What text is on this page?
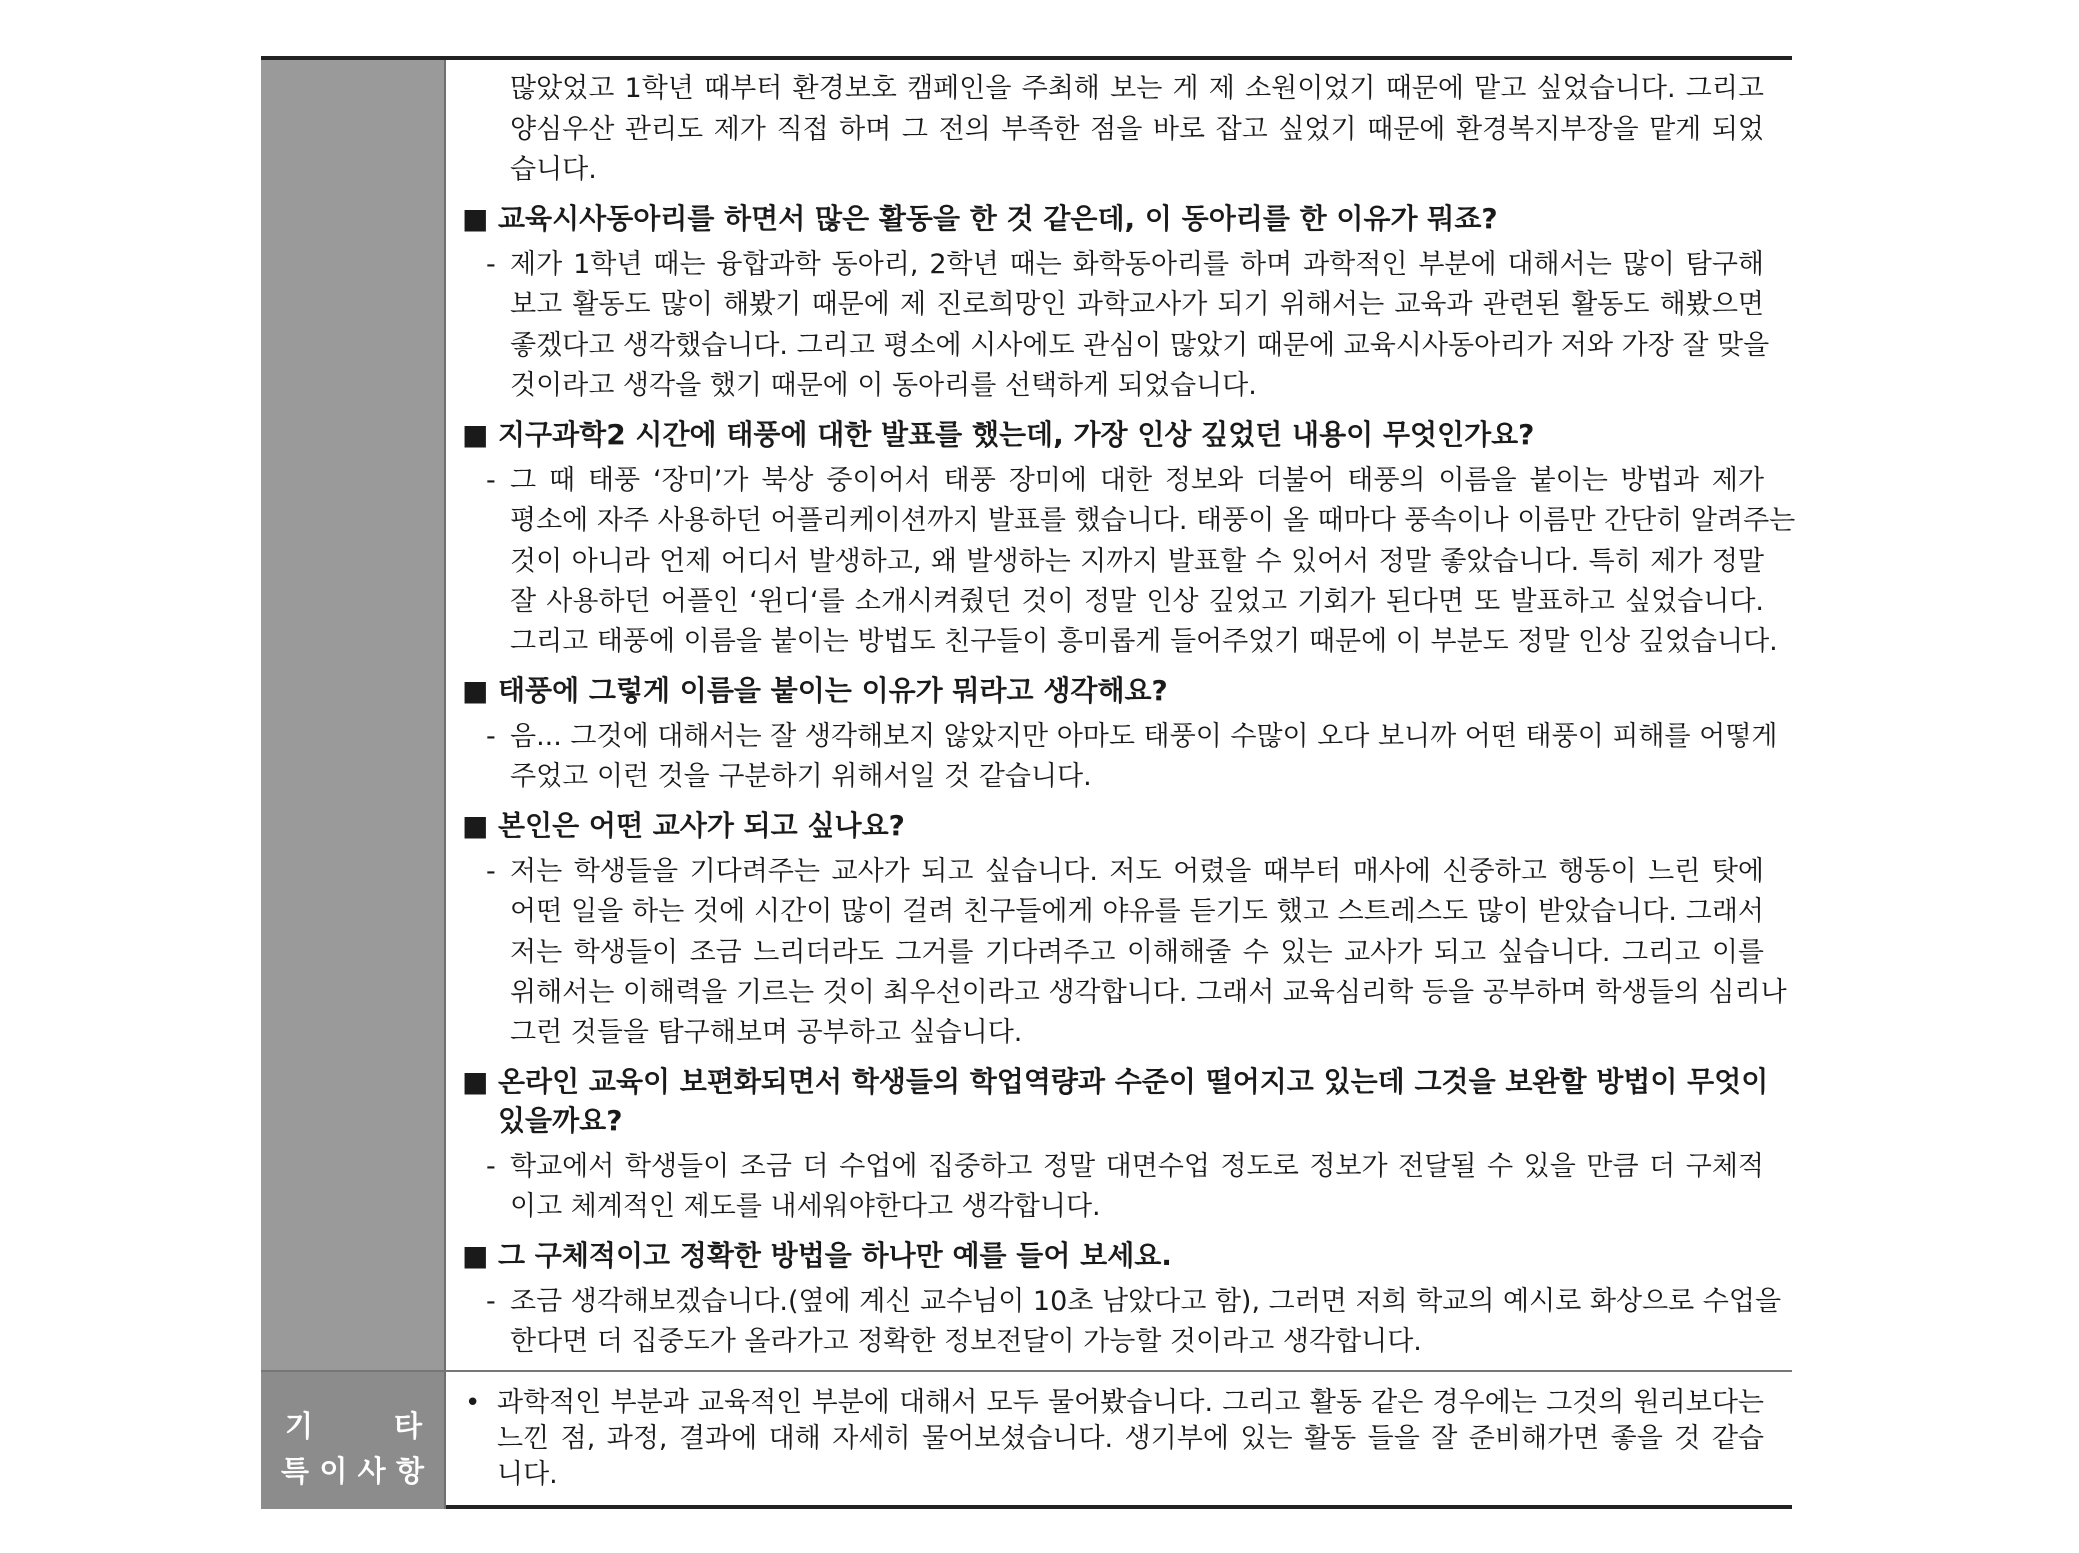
기	타
특 이 사 항
많았었고 1학년 때부터 환경보호 캠페인을 주최해 보는 게 제 소원이었기 때문에 맡고 싶었습니다. 그리고
양심우산 관리도 제가 직접 하며 그 전의 부족한 점을 바로 잡고 싶었기 때문에 환경복지부장을 맡게 되었
습니다.
■ 교육시사동아리를 하면서 많은 활동을 한 것 같은데, 이 동아리를 한 이유가 뭐죠?
- 제가 1학년 때는 융합과학 동아리, 2학년 때는 화학동아리를 하며 과학적인 부분에 대해서는 많이 탐구해
보고 활동도 많이 해봤기 때문에 제 진로희망인 과학교사가 되기 위해서는 교육과 관련된 활동도 해봤으면
좋겠다고 생각했습니다. 그리고 평소에 시사에도 관심이 많았기 때문에 교육시사동아리가 저와 가장 잘 맞을
것이라고 생각을 했기 때문에 이 동아리를 선택하게 되었습니다.
■ 지구과학2 시간에 태풍에 대한 발표를 했는데, 가장 인상 깊었던 내용이 무엇인가요?
- 그 때 태풍 ‘장미’가 북상 중이어서 태풍 장미에 대한 정보와 더불어 태풍의 이름을 붙이는 방법과 제가
평소에 자주 사용하던 어플리케이션까지 발표를 했습니다. 태풍이 올 때마다 풍속이나 이름만 간단히 알려주는
것이 아니라 언제 어디서 발생하고, 왜 발생하는 지까지 발표할 수 있어서 정말 좋았습니다. 특히 제가 정말
잘 사용하던 어플인 ‘윈디‘를 소개시켜줬던 것이 정말 인상 깊었고 기회가 된다면 또 발표하고 싶었습니다.
그리고 태풍에 이름을 붙이는 방법도 친구들이 흥미롭게 들어주었기 때문에 이 부분도 정말 인상 깊었습니다.
■ 태풍에 그렇게 이름을 붙이는 이유가 뭐라고 생각해요?
- 음... 그것에 대해서는 잘 생각해보지 않았지만 아마도 태풍이 수많이 오다 보니까 어떤 태풍이 피해를 어떻게
주었고 이런 것을 구분하기 위해서일 것 같습니다.
■ 본인은 어떤 교사가 되고 싶나요?
- 저는 학생들을 기다려주는 교사가 되고 싶습니다. 저도 어렸을 때부터 매사에 신중하고 행동이 느린 탓에
어떤 일을 하는 것에 시간이 많이 걸려 친구들에게 야유를 듣기도 했고 스트레스도 많이 받았습니다. 그래서
저는 학생들이 조금 느리더라도 그거를 기다려주고 이해해줄 수 있는 교사가 되고 싶습니다. 그리고 이를
위해서는 이해력을 기르는 것이 최우선이라고 생각합니다. 그래서 교육심리학 등을 공부하며 학생들의 심리나
그런 것들을 탐구해보며 공부하고 싶습니다.
■ 온라인 교육이 보편화되면서 학생들의 학업역량과 수준이 떨어지고 있는데 그것을 보완할 방법이 무엇이
있을까요?
- 학교에서 학생들이 조금 더 수업에 집중하고 정말 대면수업 정도로 정보가 전달될 수 있을 만큼 더 구체적
이고 체계적인 제도를 내세워야한다고 생각합니다.
■ 그 구체적이고 정확한 방법을 하나만 예를 들어 보세요.
- 조금 생각해보겠습니다.(옆에 계신 교수님이 10초 남았다고 함), 그러면 저희 학교의 예시로 화상으로 수업을
한다면 더 집중도가 올라가고 정확한 정보전달이 가능할 것이라고 생각합니다.
• 과학적인 부분과 교육적인 부분에 대해서 모두 물어봤습니다. 그리고 활동 같은 경우에는 그것의 원리보다는
느낀 점, 과정, 결과에 대해 자세히 물어보셨습니다. 생기부에 있는 활동 들을 잘 준비해가면 좋을 것 같습
니다.
